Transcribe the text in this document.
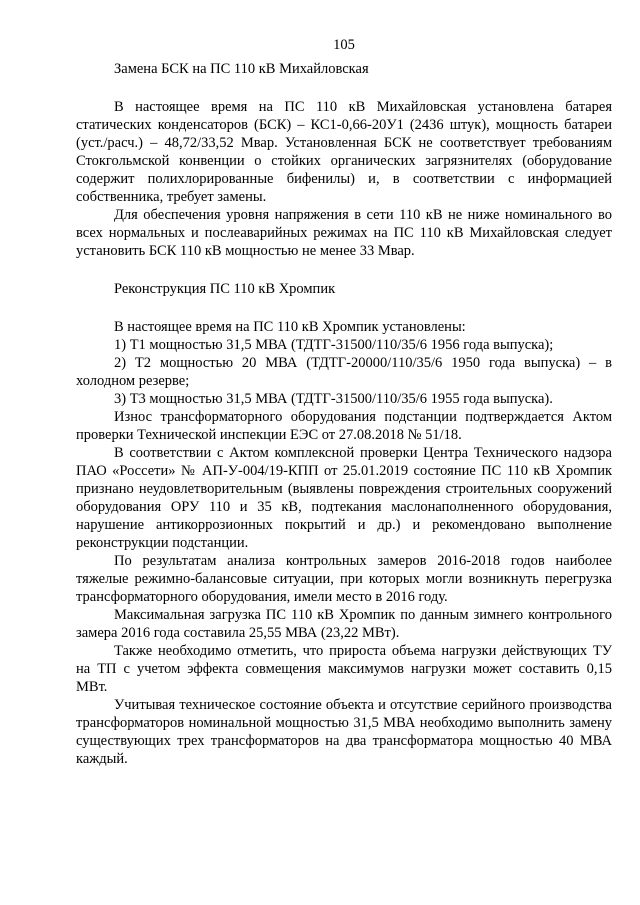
105

Замена БСК на ПС 110 кВ Михайловская

В настоящее время на ПС 110 кВ Михайловская установлена батарея статических конденсаторов (БСК) – КС1-0,66-20У1 (2436 штук), мощность батареи (уст./расч.) – 48,72/33,52 Мвар. Установленная БСК не соответствует требованиям Стокгольмской конвенции о стойких органических загрязнителях (оборудование содержит полихлорированные бифенилы) и, в соответствии с информацией собственника, требует замены.

Для обеспечения уровня напряжения в сети 110 кВ не ниже номинального во всех нормальных и послеаварийных режимах на ПС 110 кВ Михайловская следует установить БСК 110 кВ мощностью не менее 33 Мвар.

Реконструкция ПС 110 кВ Хромпик

В настоящее время на ПС 110 кВ Хромпик установлены:

1) Т1 мощностью 31,5 МВА (ТДТГ-31500/110/35/6 1956 года выпуска);

2) Т2 мощностью 20 МВА (ТДТГ-20000/110/35/6 1950 года выпуска) – в холодном резерве;

3) Т3 мощностью 31,5 МВА (ТДТГ-31500/110/35/6 1955 года выпуска).

Износ трансформаторного оборудования подстанции подтверждается Актом проверки Технической инспекции ЕЭС от 27.08.2018 № 51/18.

В соответствии с Актом комплексной проверки Центра Технического надзора ПАО «Россети» № АП-У-004/19-КПП от 25.01.2019 состояние ПС 110 кВ Хромпик признано неудовлетворительным (выявлены повреждения строительных сооружений оборудования ОРУ 110 и 35 кВ, подтекания маслонаполненного оборудования, нарушение антикоррозионных покрытий и др.) и рекомендовано выполнение реконструкции подстанции.

По результатам анализа контрольных замеров 2016-2018 годов наиболее тяжелые режимно-балансовые ситуации, при которых могли возникнуть перегрузка трансформаторного оборудования, имели место в 2016 году.

Максимальная загрузка ПС 110 кВ Хромпик по данным зимнего контрольного замера 2016 года составила 25,55 МВА (23,22 МВт).

Также необходимо отметить, что прироста объема нагрузки действующих ТУ на ТП с учетом эффекта совмещения максимумов нагрузки может составить 0,15 МВт.

Учитывая техническое состояние объекта и отсутствие серийного производства трансформаторов номинальной мощностью 31,5 МВА необходимо выполнить замену существующих трех трансформаторов на два трансформатора мощностью 40 МВА каждый.
